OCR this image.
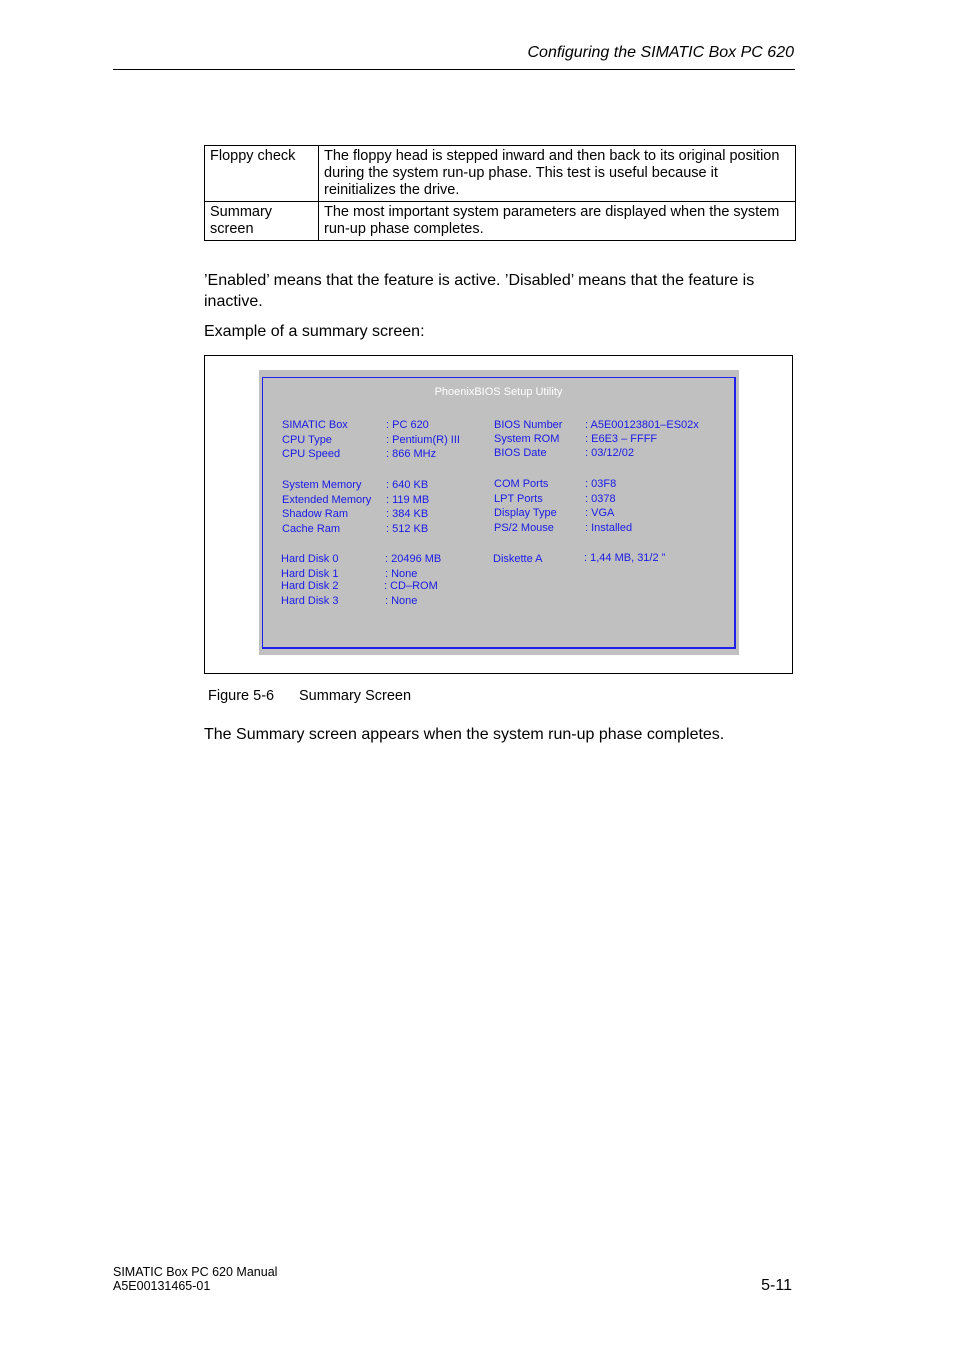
Configuring the SIMATIC Box PC 620
Floppy check	The floppy head is stepped inward and then back to its original position during the system run-up phase. This test is useful because it reinitializes the drive.
Summary screen	The most important system parameters are displayed when the system run-up phase completes.
’Enabled’ means that the feature is active. ’Disabled’ means that the feature is inactive.
Example of a summary screen:
PhoenixBIOS Setup Utility
SIMATIC Box	: PC 620
CPU Type	: Pentium(R) III
CPU Speed	: 866 MHz
System Memory : 640 KB
Extended Memory : 119 MB
Shadow Ram	: 384 KB
Cache Ram	: 512 KB
Hard Disk 0	: 20496 MB
Hard Disk 1	: None
Hard Disk 2	: CD–ROM
Hard Disk 3	: None
BIOS Number : A5E00123801–ES02x
System ROM : E6E3 – FFFF
BIOS Date	: 03/12/02
COM Ports	: 03F8
LPT Ports	: 0378
Display Type	: VGA
PS/2 Mouse	: Installed
Diskette A	: 1,44 MB, 31/2 ”
Figure 5-6 Summary Screen
The Summary screen appears when the system run-up phase completes.
SIMATIC Box PC 620 Manual
A5E00131465-01	5-11
